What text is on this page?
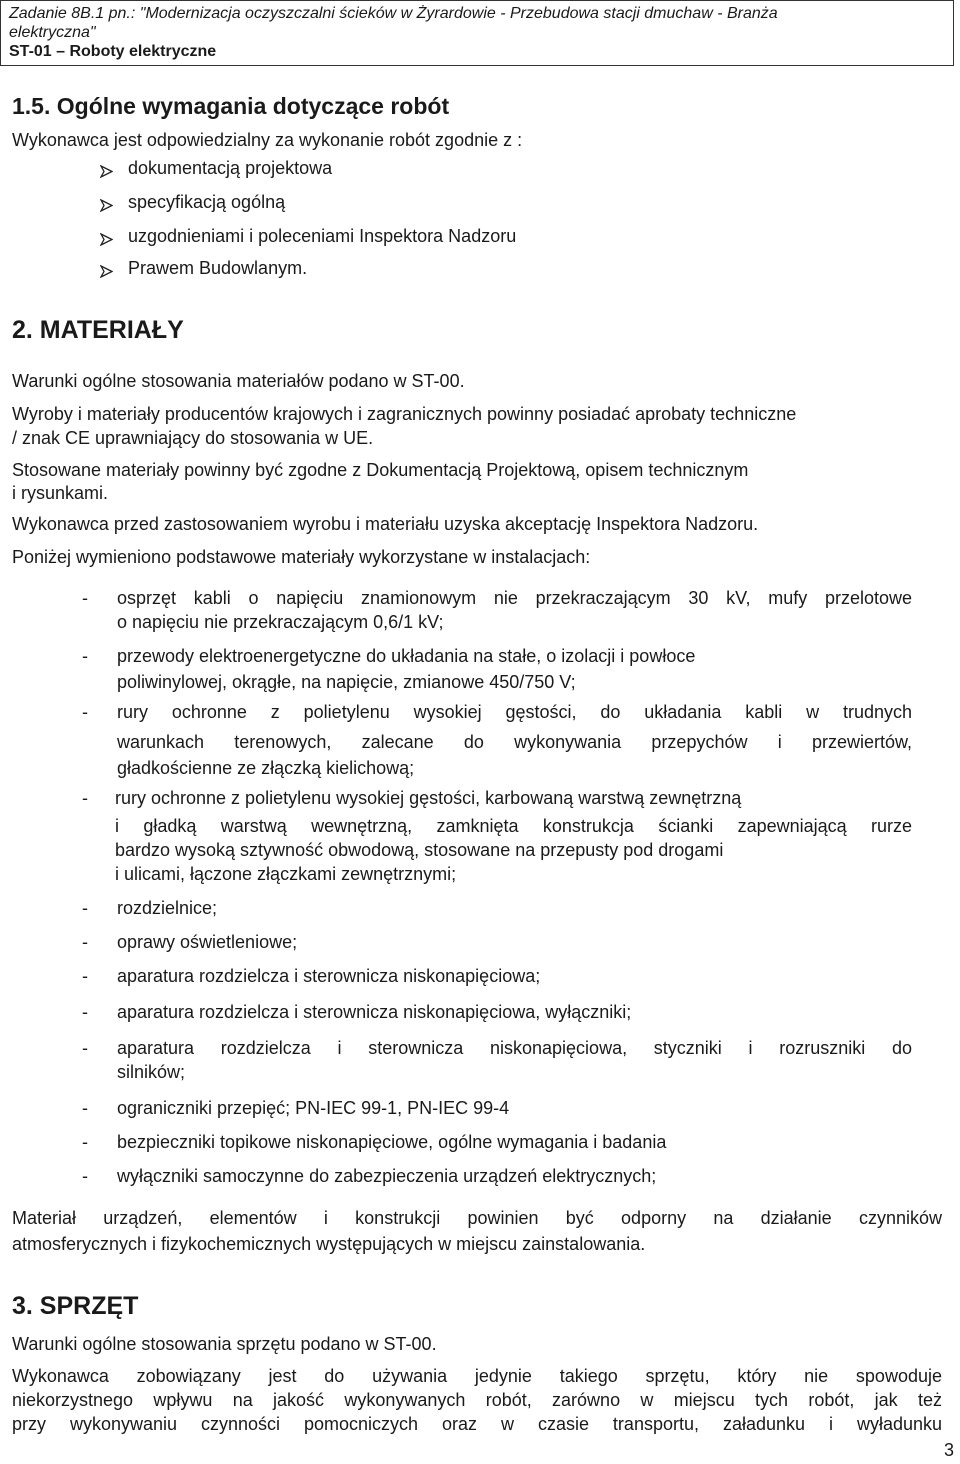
Zadanie 8B.1 pn.: "Modernizacja oczyszczalni ścieków w Żyrardowie - Przebudowa stacji dmuchaw - Branża
elektryczna"
ST-01 – Roboty elektryczne
1.5. Ogólne wymagania dotyczące robót
Wykonawca jest odpowiedzialny za wykonanie robót zgodnie z :
dokumentacją projektowa
specyfikacją ogólną
uzgodnieniami i poleceniami Inspektora Nadzoru
Prawem Budowlanym.
2. MATERIAŁY
Warunki ogólne stosowania materiałów podano w ST-00.
Wyroby i materiały producentów krajowych i zagranicznych powinny posiadać aprobaty techniczne
/ znak CE uprawniający do stosowania w UE.
Stosowane materiały powinny być zgodne z Dokumentacją Projektową, opisem technicznym
i rysunkami.
Wykonawca przed zastosowaniem wyrobu i materiału uzyska akceptację Inspektora Nadzoru.
Poniżej wymieniono podstawowe materiały wykorzystane w instalacjach:
- osprzęt kabli o napięciu znamionowym nie przekraczającym 30 kV, mufy przelotowe
o napięciu nie przekraczającym 0,6/1 kV;
- przewody elektroenergetyczne do układania na stałe, o izolacji i powłoce
poliwinylowej, okrągłe, na napięcie, zmianowe 450/750 V;
- rury ochronne z polietylenu wysokiej gęstości, do układania kabli w trudnych
warunkach terenowych, zalecane do wykonywania przepychów i przewiertów,
gładkościenne ze złączką kielichową;
- rury ochronne z polietylenu wysokiej gęstości, karbowaną warstwą zewnętrzną
i gładką warstwą wewnętrzną, zamknięta konstrukcja ścianki zapewniającą rurze
bardzo wysoką sztywność obwodową, stosowane na przepusty pod drogami
i ulicami, łączone złączkami zewnętrznymi;
- rozdzielnice;
- oprawy oświetleniowe;
- aparatura rozdzielcza i sterownicza niskonapięciowa;
- aparatura rozdzielcza i sterownicza niskonapięciowa, wyłączniki;
- aparatura rozdzielcza i sterownicza niskonapięciowa, styczniki i rozruszniki do
silników;
- ograniczniki przepięć; PN-IEC 99-1, PN-IEC 99-4
- bezpieczniki topikowe niskonapięciowe, ogólne wymagania i badania
- wyłączniki samoczynne do zabezpieczenia urządzeń elektrycznych;
Materiał urządzeń, elementów i konstrukcji powinien być odporny na działanie czynników
atmosferycznych i fizykochemicznych występujących w miejscu zainstalowania.
3. SPRZĘT
Warunki ogólne stosowania sprzętu podano w ST-00.
Wykonawca zobowiązany jest do używania jedynie takiego sprzętu, który nie spowoduje
niekorzystnego wpływu na jakość wykonywanych robót, zarówno w miejscu tych robót, jak też
przy wykonywaniu czynności pomocniczych oraz w czasie transportu, załadunku i wyładunku
3
